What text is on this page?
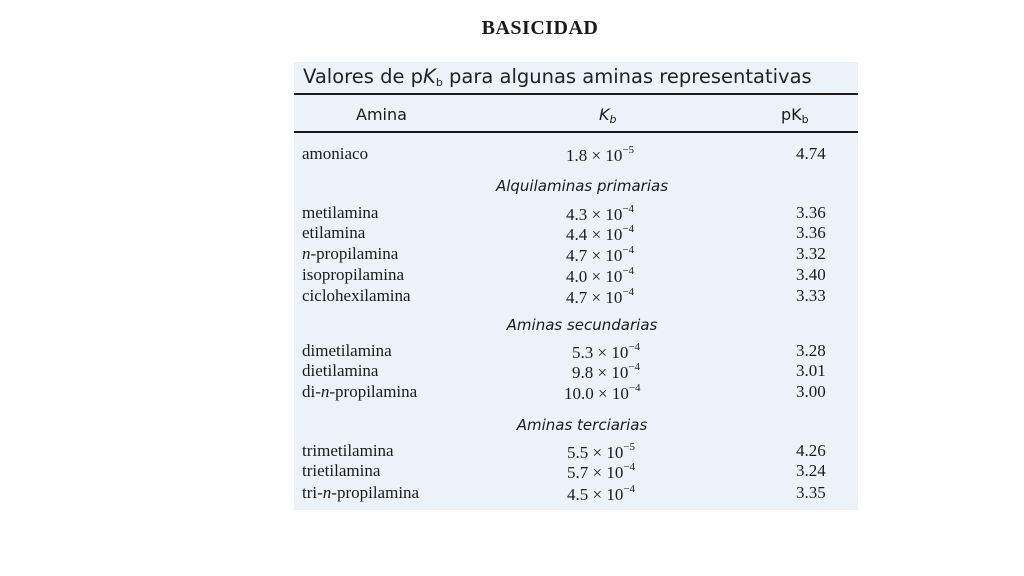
BASICIDAD
Valores de $pK_b$ para algunas aminas representativas
Amina	$K_b$	$pK_b$
amoniaco	$1.8 \times 10^{-5}$	4.74
Alquilaminas primarias
metilamina	$4.3 \times 10^{-4}$	3.36
etilamina	$4.4 \times 10^{-4}$	3.36
n-propilamina	$4.7 \times 10^{-4}$	3.32
isopropilamina	$4.0 \times 10^{-4}$	3.40
ciclohexilamina	$4.7 \times 10^{-4}$	3.33
Aminas secundarias
dimetilamina	$5.3 \times 10^{-4}$	3.28
dietilamina	$9.8 \times 10^{-4}$	3.01
di-n-propilamina	$10.0 \times 10^{-4}$	3.00
Aminas terciarias
trimetilamina	$5.5 \times 10^{-5}$	4.26
trietilamina	$5.7 \times 10^{-4}$	3.24
tri-n-propilamina	$4.5 \times 10^{-4}$	3.35
